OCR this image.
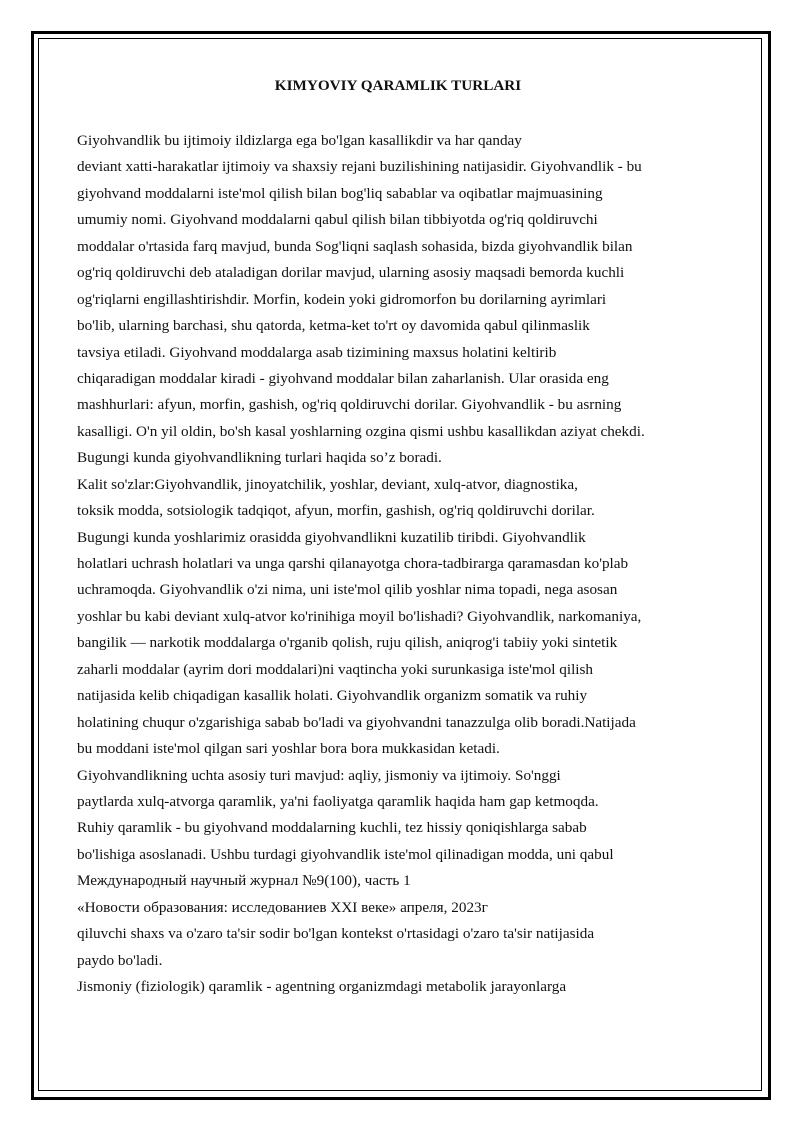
KIMYOVIY QARAMLIK TURLARI

Giyohvandlik bu ijtimoiy ildizlarga ega bo'lgan kasallikdir va har qanday

deviant xatti-harakatlar ijtimoiy va shaxsiy rejani buzilishining natijasidir. Giyohvandlik - bu

giyohvand moddalarni iste'mol qilish bilan bog'liq sabablar va oqibatlar majmuasining

umumiy nomi. Giyohvand moddalarni qabul qilish bilan tibbiyotda og'riq qoldiruvchi

moddalar o'rtasida farq mavjud, bunda Sog'liqni saqlash sohasida, bizda giyohvandlik bilan

og'riq qoldiruvchi deb ataladigan dorilar mavjud, ularning asosiy maqsadi bemorda kuchli

og'riqlarni engillashtirishdir. Morfin, kodein yoki gidromorfon bu dorilarning ayrimlari

bo'lib, ularning barchasi, shu qatorda, ketma-ket to'rt oy davomida qabul qilinmaslik

tavsiya etiladi. Giyohvand moddalarga asab tizimining maxsus holatini keltirib

chiqaradigan moddalar kiradi - giyohvand moddalar bilan zaharlanish. Ular orasida eng

mashhurlari: afyun, morfin, gashish, og'riq qoldiruvchi dorilar. Giyohvandlik - bu asrning

kasalligi. O'n yil oldin, bo'sh kasal yoshlarning ozgina qismi ushbu kasallikdan aziyat chekdi.

Bugungi kunda giyohvandlikning turlari haqida so’z boradi.

Kalit so'zlar:Giyohvandlik, jinoyatchilik, yoshlar, deviant, xulq-atvor, diagnostika,

toksik modda, sotsiologik tadqiqot, afyun, morfin, gashish, og'riq qoldiruvchi dorilar.

Bugungi kunda yoshlarimiz orasidda giyohvandlikni kuzatilib tiribdi. Giyohvandlik

holatlari uchrash holatlari va unga qarshi qilanayotga chora-tadbirarga qaramasdan ko'plab

uchramoqda. Giyohvandlik o'zi nima, uni iste'mol qilib yoshlar nima topadi, nega asosan

yoshlar bu kabi deviant xulq-atvor ko'rinihiga moyil bo'lishadi? Giyohvandlik, narkomaniya,

bangilik — narkotik moddalarga o'rganib qolish, ruju qilish, aniqrog'i tabiiy yoki sintetik

zaharli moddalar (ayrim dori moddalari)ni vaqtincha yoki surunkasiga iste'mol qilish

natijasida kelib chiqadigan kasallik holati. Giyohvandlik organizm somatik va ruhiy

holatining chuqur o'zgarishiga sabab bo'ladi va giyohvandni tanazzulga olib boradi.Natijada

bu moddani iste'mol qilgan sari yoshlar bora bora mukkasidan ketadi.

Giyohvandlikning uchta asosiy turi mavjud: aqliy, jismoniy va ijtimoiy. So'nggi

paytlarda xulq-atvorga qaramlik, ya'ni faoliyatga qaramlik haqida ham gap ketmoqda.

Ruhiy qaramlik - bu giyohvand moddalarning kuchli, tez hissiy qoniqishlarga sabab

bo'lishiga asoslanadi. Ushbu turdagi giyohvandlik iste'mol qilinadigan modda, uni qabul

Международный научный журнал №9(100), часть 1

«Новости образования: исследованиев XXI веке» апреля, 2023г

qiluvchi shaxs va o'zaro ta'sir sodir bo'lgan kontekst o'rtasidagi o'zaro ta'sir natijasida

paydo bo'ladi.

Jismoniy (fiziologik) qaramlik - agentning organizmdagi metabolik jarayonlarga
